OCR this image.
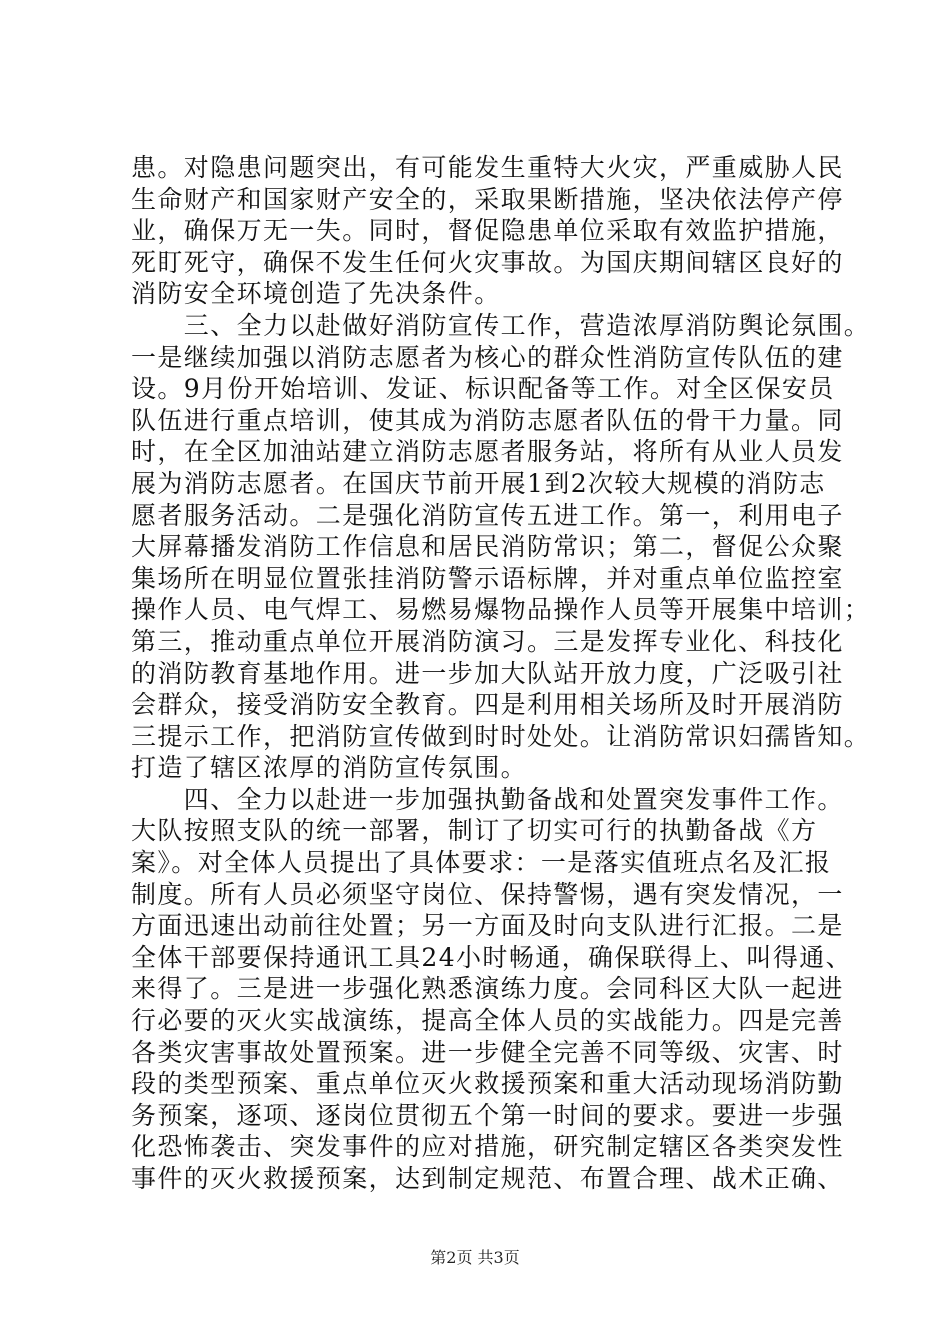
患。对隐患问题突出，有可能发生重特大火灾，严重威胁人民
生命财产和国家财产安全的，采取果断措施，坚决依法停产停
业，确保万无一失。同时，督促隐患单位采取有效监护措施，
死盯死守，确保不发生任何火灾事故。为国庆期间辖区良好的
消防安全环境创造了先决条件。
　　三、全力以赴做好消防宣传工作，营造浓厚消防舆论氛围。
一是继续加强以消防志愿者为核心的群众性消防宣传队伍的建
设。9月份开始培训、发证、标识配备等工作。对全区保安员
队伍进行重点培训，使其成为消防志愿者队伍的骨干力量。同
时，在全区加油站建立消防志愿者服务站，将所有从业人员发
展为消防志愿者。在国庆节前开展1到2次较大规模的消防志
愿者服务活动。二是强化消防宣传五进工作。第一，利用电子
大屏幕播发消防工作信息和居民消防常识；第二，督促公众聚
集场所在明显位置张挂消防警示语标牌，并对重点单位监控室
操作人员、电气焊工、易燃易爆物品操作人员等开展集中培训；
第三，推动重点单位开展消防演习。三是发挥专业化、科技化
的消防教育基地作用。进一步加大队站开放力度，广泛吸引社
会群众，接受消防安全教育。四是利用相关场所及时开展消防
三提示工作，把消防宣传做到时时处处。让消防常识妇孺皆知。
打造了辖区浓厚的消防宣传氛围。
　　四、全力以赴进一步加强执勤备战和处置突发事件工作。
大队按照支队的统一部署，制订了切实可行的执勤备战《方
案》。对全体人员提出了具体要求：一是落实值班点名及汇报
制度。所有人员必须坚守岗位、保持警惕，遇有突发情况，一
方面迅速出动前往处置；另一方面及时向支队进行汇报。二是
全体干部要保持通讯工具24小时畅通，确保联得上、叫得通、
来得了。三是进一步强化熟悉演练力度。会同科区大队一起进
行必要的灭火实战演练，提高全体人员的实战能力。四是完善
各类灾害事故处置预案。进一步健全完善不同等级、灾害、时
段的类型预案、重点单位灭火救援预案和重大活动现场消防勤
务预案，逐项、逐岗位贯彻五个第一时间的要求。要进一步强
化恐怖袭击、突发事件的应对措施，研究制定辖区各类突发性
事件的灭火救援预案，达到制定规范、布置合理、战术正确、
第2页 共3页
